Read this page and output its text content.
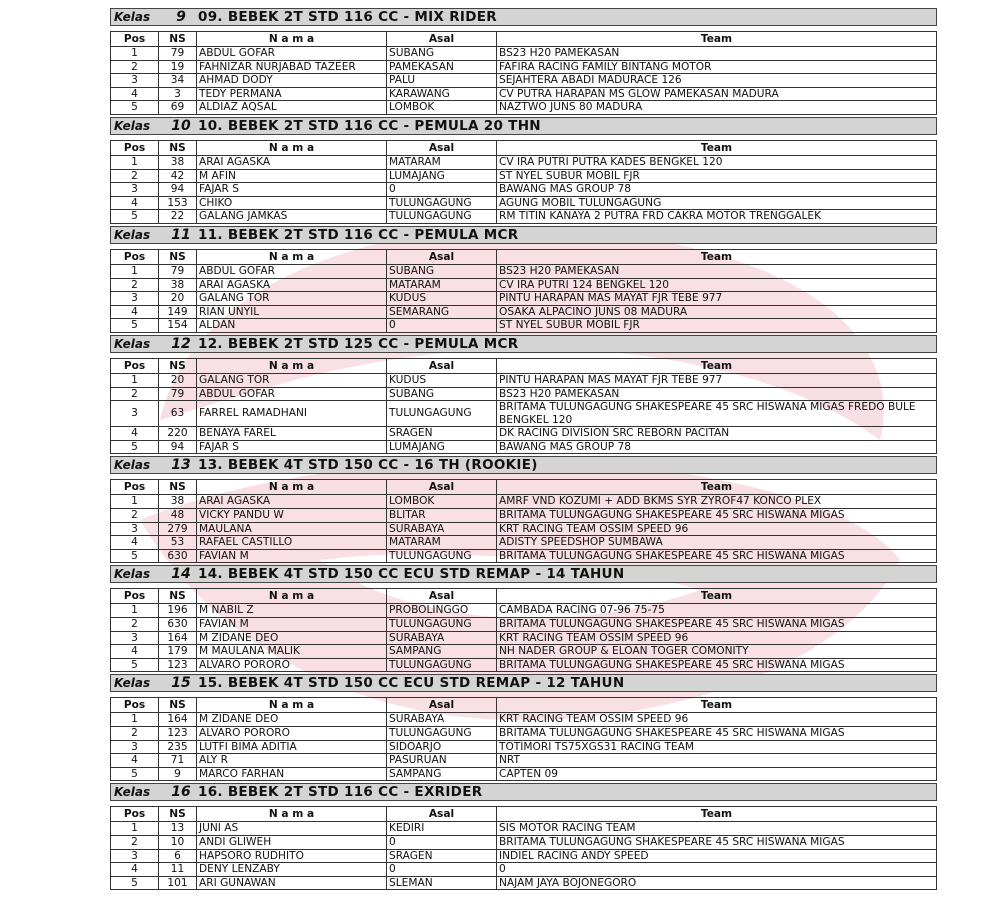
Kelas	9 09. BEBEK 2T STD 116 CC - MIX RIDER
Pos	NS	N a m a	Asal	Team
1	79	ABDUL GOFAR	SUBANG	BS23 H20 PAMEKASAN
2	19	FAHNIZAR NURJABAD TAZEER	PAMEKASAN	FAFIRA RACING FAMILY BINTANG MOTOR
3	34	AHMAD DODY	PALU	SEJAHTERA ABADI MADURACE 126
4	3	TEDY PERMANA	KARAWANG	CV PUTRA HARAPAN MS GLOW PAMEKASAN MADURA
5	69	ALDIAZ AQSAL	LOMBOK	NAZTWO JUNS 80 MADURA
Kelas	10 10. BEBEK 2T STD 116 CC - PEMULA 20 THN
Pos	NS	N a m a	Asal	Team
1	38	ARAI AGASKA	MATARAM	CV IRA PUTRI PUTRA KADES BENGKEL 120
2	42	M AFIN	LUMAJANG	ST NYEL SUBUR MOBIL FJR
3	94	FAJAR S	0	BAWANG MAS GROUP 78
4	153	CHIKO	TULUNGAGUNG	AGUNG MOBIL TULUNGAGUNG
5	22	GALANG JAMKAS	TULUNGAGUNG	RM TITIN KANAYA 2 PUTRA FRD CAKRA MOTOR TRENGGALEK
Kelas	11 11. BEBEK 2T STD 116 CC - PEMULA MCR
Pos	NS	N a m a	Asal	Team
1	79	ABDUL GOFAR	SUBANG	BS23 H20 PAMEKASAN
2	38	ARAI AGASKA	MATARAM	CV IRA PUTRI 124 BENGKEL 120
3	20	GALANG TOR	KUDUS	PINTU HARAPAN MAS MAYAT FJR TEBE 977
4	149	RIAN UNYIL	SEMARANG	OSAKA ALPACINO JUNS 08 MADURA
5	154	ALDAN	0	ST NYEL SUBUR MOBIL FJR
Kelas	12 12. BEBEK 2T STD 125 CC - PEMULA MCR
Pos	NS	N a m a	Asal	Team
1	20	GALANG TOR	KUDUS	PINTU HARAPAN MAS MAYAT FJR TEBE 977
2	79	ABDUL GOFAR	SUBANG	BS23 H20 PAMEKASAN
3	63	FARREL RAMADHANI	TULUNGAGUNG	BRITAMA TULUNGAGUNG SHAKESPEARE 45 SRC HISWANA MIGAS FREDO BULE BENGKEL 120
4	220	BENAYA FAREL	SRAGEN	DK RACING DIVISION SRC REBORN PACITAN
5	94	FAJAR S	LUMAJANG	BAWANG MAS GROUP 78
Kelas	13 13. BEBEK 4T STD 150 CC - 16 TH (ROOKIE)
Pos	NS	N a m a	Asal	Team
1	38	ARAI AGASKA	LOMBOK	AMRF VND KOZUMI + ADD BKMS SYR ZYROF47 KONCO PLEX
2	48	VICKY PANDU W	BLITAR	BRITAMA TULUNGAGUNG SHAKESPEARE 45 SRC HISWANA MIGAS
3	279	MAULANA	SURABAYA	KRT RACING TEAM OSSIM SPEED 96
4	53	RAFAEL CASTILLO	MATARAM	ADISTY SPEEDSHOP SUMBAWA
5	630	FAVIAN M	TULUNGAGUNG	BRITAMA TULUNGAGUNG SHAKESPEARE 45 SRC HISWANA MIGAS
Kelas	14 14. BEBEK 4T STD 150 CC ECU STD REMAP - 14 TAHUN
Pos	NS	N a m a	Asal	Team
1	196	M NABIL Z	PROBOLINGGO	CAMBADA RACING 07-96 75-75
2	630	FAVIAN M	TULUNGAGUNG	BRITAMA TULUNGAGUNG SHAKESPEARE 45 SRC HISWANA MIGAS
3	164	M ZIDANE DEO	SURABAYA	KRT RACING TEAM OSSIM SPEED 96
4	179	M MAULANA MALIK	SAMPANG	NH NADER GROUP & ELOAN TOGER COMONITY
5	123	ALVARO PORORO	TULUNGAGUNG	BRITAMA TULUNGAGUNG SHAKESPEARE 45 SRC HISWANA MIGAS
Kelas	15 15. BEBEK 4T STD 150 CC ECU STD REMAP - 12 TAHUN
Pos	NS	N a m a	Asal	Team
1	164	M ZIDANE DEO	SURABAYA	KRT RACING TEAM OSSIM SPEED 96
2	123	ALVARO PORORO	TULUNGAGUNG	BRITAMA TULUNGAGUNG SHAKESPEARE 45 SRC HISWANA MIGAS
3	235	LUTFI BIMA ADITIA	SIDOARJO	TOTIMORI TS75XGS31 RACING TEAM
4	71	ALY R	PASURUAN	NRT
5	9	MARCO FARHAN	SAMPANG	CAPTEN 09
Kelas	16 16. BEBEK 2T STD 116 CC - EXRIDER
Pos	NS	N a m a	Asal	Team
1	13	JUNI AS	KEDIRI	SIS MOTOR RACING TEAM
2	10	ANDI GLIWEH	0	BRITAMA TULUNGAGUNG SHAKESPEARE 45 SRC HISWANA MIGAS
3	6	HAPSORO RUDHITO	SRAGEN	INDIEL RACING ANDY SPEED
4	11	DENY LENZABY	0	0
5	101	ARI GUNAWAN	SLEMAN	NAJAM JAYA BOJONEGORO
